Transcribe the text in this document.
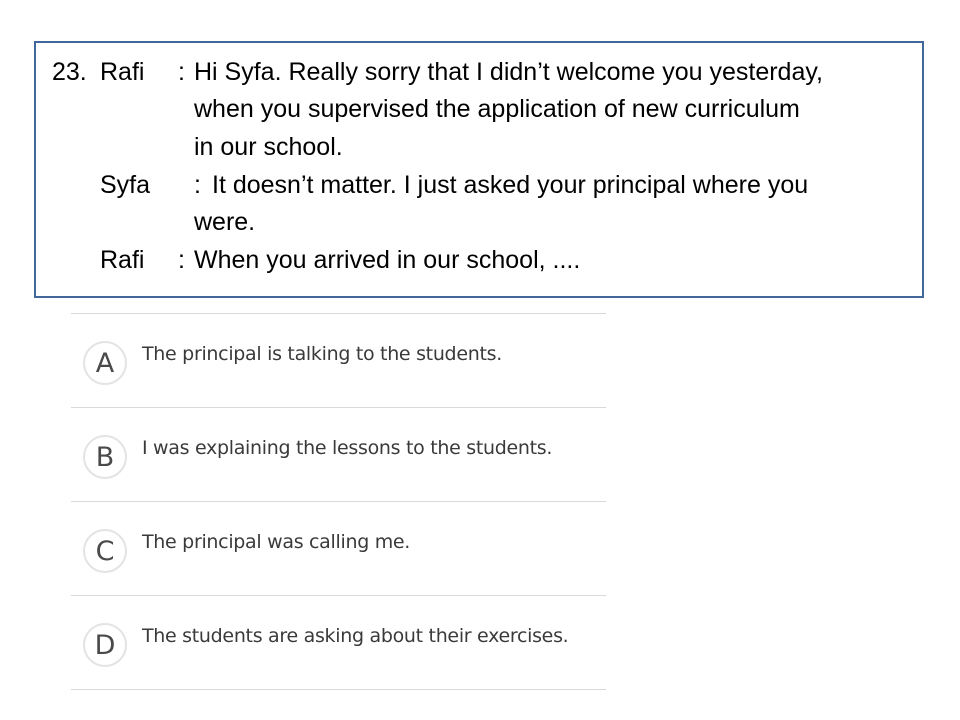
23. Rafi : Hi Syfa. Really sorry that I didn’t welcome you yesterday,
when you supervised the application of new curriculum
in our school.
Syfa : It doesn’t matter. I just asked your principal where you
were.
Rafi : When you arrived in our school, ....
A	The principal is talking to the students.
B	I was explaining the lessons to the students.
C	The principal was calling me.
D	The students are asking about their exercises.
